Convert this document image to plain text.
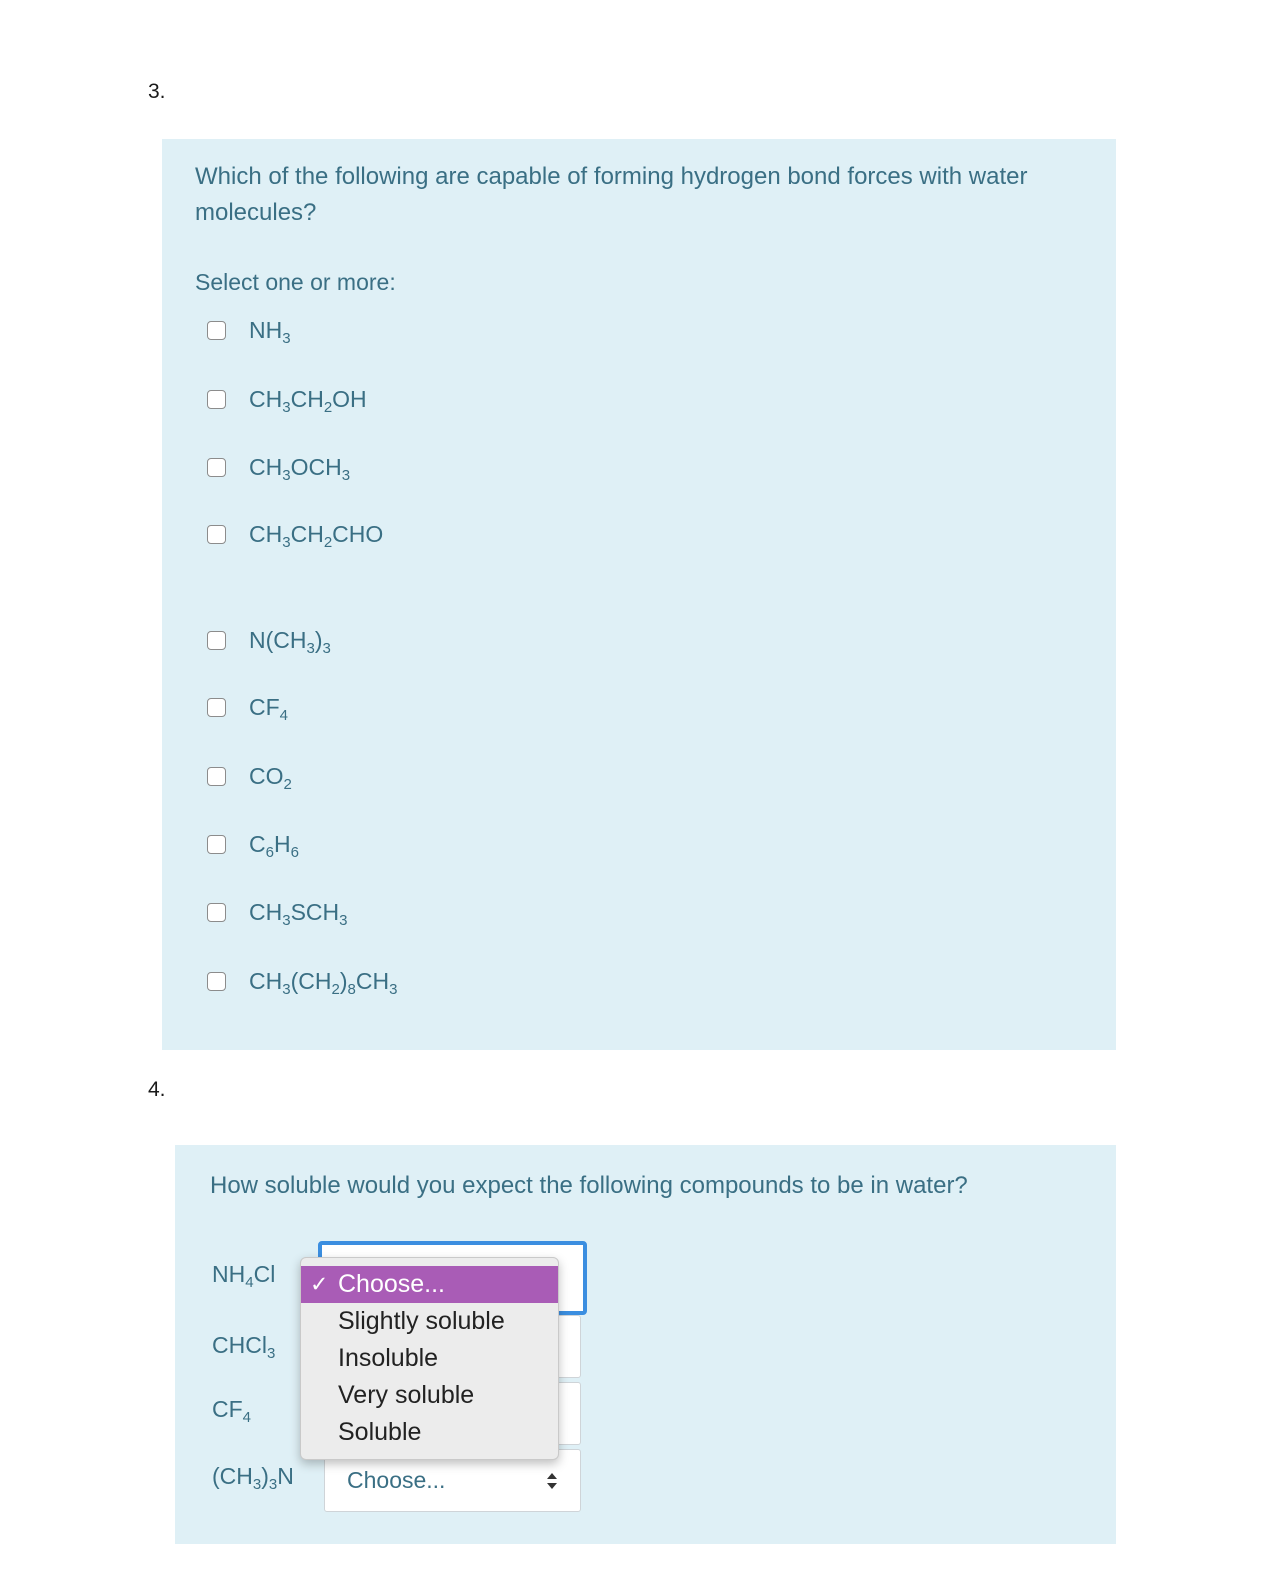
3.
Which of the following are capable of forming hydrogen bond forces with water molecules?
Select one or more:
$NH_3$
$CH_3CH_2OH$
$CH_3OCH_3$
$CH_3CH_2CHO$
$N(CH_3)_3$
$CF_4$
$CO_2$
$C_6H_6$
$CH_3SCH_3$
$CH_3(CH_2)_8CH_3$
4.
How soluble would you expect the following compounds to be in water?
$NH_4Cl$
CHCl$_3$
$CF_4$
$(CH_3)_3N$ Choose...
✓ Choose...
Slightly soluble
Insoluble
Very soluble
Soluble
